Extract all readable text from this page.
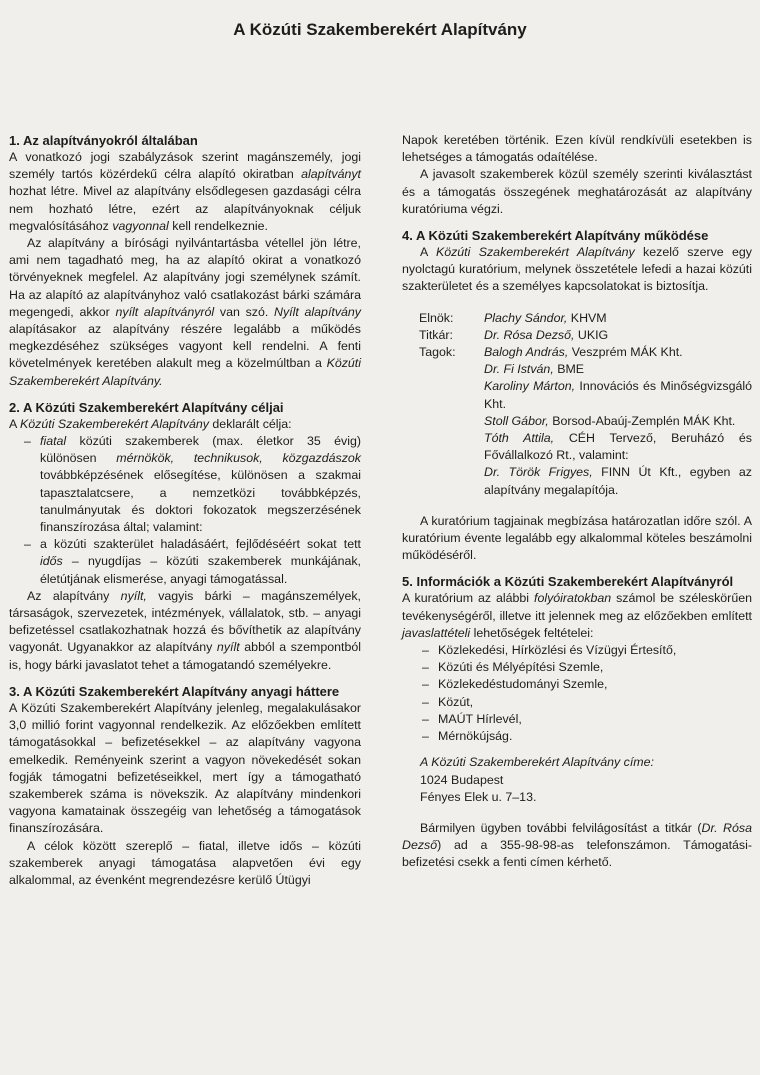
A Közúti Szakemberekért Alapítvány
1. Az alapítványokról általában

A vonatkozó jogi szabályzások szerint magánszemély, jogi személy tartós közérdekű célra alapító okiratban alapítványt hozhat létre. Mivel az alapítvány elsődlegesen gazdasági célra nem hozható létre, ezért az alapítványoknak céljuk megvalósításához vagyonnal kell rendelkeznie.

Az alapítvány a bírósági nyilvántartásba vétellel jön létre, ami nem tagadható meg, ha az alapító okirat a vonatkozó törvényeknek megfelel. Az alapítvány jogi személynek számít. Ha az alapító az alapítványhoz való csatlakozást bárki számára megengedi, akkor nyílt alapítványról van szó. Nyílt alapítvány alapításakor az alapítvány részére legalább a működés megkezdéséhez szükséges vagyont kell rendelni. A fenti követelmények keretében alakult meg a közelmúltban a Közúti Szakemberekért Alapítvány.

2. A Közúti Szakemberekért Alapítvány céljai

A Közúti Szakemberekért Alapítvány deklarált célja:

– fiatal közúti szakemberek (max. életkor 35 évig) különösen mérnökök, technikusok, közgazdászok továbbképzésének elősegítése, különösen a szakmai tapasztalatcsere, a nemzetközi továbbképzés, tanulmányutak és doktori fokozatok megszerzésének finanszírozása által; valamint:
– a közúti szakterület haladásáért, fejlődéséért sokat tett idős – nyugdíjas – közúti szakemberek munkájának, életútjának elismerése, anyagi támogatással.

Az alapítvány nyílt, vagyis bárki – magánszemélyek, társaságok, szervezetek, intézmények, vállalatok, stb. – anyagi befizetéssel csatlakozhatnak hozzá és bővíthetik az alapítvány vagyonát. Ugyanakkor az alapítvány nyílt abból a szempontból is, hogy bárki javaslatot tehet a támogatandó személyekre.

3. A Közúti Szakemberekért Alapítvány anyagi háttere

A Közúti Szakemberekért Alapítvány jelenleg, megalakulásakor 3,0 millió forint vagyonnal rendelkezik. Az előzőekben említett támogatásokkal – befizetésekkel – az alapítvány vagyona emelkedik. Reményeink szerint a vagyon növekedését sokan fogják támogatni befizetéseikkel, mert így a támogatható szakemberek száma is növekszik. Az alapítvány mindenkori vagyona kamatainak összegéig van lehetőség a támogatások finanszírozására.

A célok között szereplő – fiatal, illetve idős – közúti szakemberek anyagi támogatása alapvetően évi egy alkalommal, az évenként megrendezésre kerülő Útügyi

Napok keretében történik. Ezen kívül rendkívüli esetekben is lehetséges a támogatás odaítélése.

A javasolt szakemberek közül személy szerinti kiválasztást és a támogatás összegének meghatározását az alapítvány kuratóriuma végzi.

4. A Közúti Szakemberekért Alapítvány működése

A Közúti Szakemberekért Alapítvány kezelő szerve egy nyolctagú kuratórium, melynek összetétele lefedi a hazai közúti szakterületet és a személyes kapcsolatokat is biztosítja.

Elnök:	Plachy Sándor, KHVM
Titkár:	Dr. Rósa Dezső, UKIG
Tagok:	Balogh András, Veszprém MÁK Kht.
	Dr. Fi István, BME
	Karoliny Márton, Innovációs és Minőségvizsgáló Kht.
	Stoll Gábor, Borsod-Abaúj-Zemplén MÁK Kht.
	Tóth Attila, CÉH Tervező, Beruházó és Fővállalkozó Rt., valamint:
	Dr. Török Frigyes, FINN Út Kft., egyben az alapítvány megalapítója.

A kuratórium tagjainak megbízása határozatlan időre szól. A kuratórium évente legalább egy alkalommal köteles beszámolni működéséről.

5. Információk a Közúti Szakemberekért Alapítványról

A kuratórium az alábbi folyóiratokban számol be széleskörűen tevékenységéről, illetve itt jelennek meg az előzőekben említett javaslattételi lehetőségek feltételei:

– Közlekedési, Hírközlési és Vízügyi Értesítő,
– Közúti és Mélyépítési Szemle,
– Közlekedéstudományi Szemle,
– Közút,
– MAÚT Hírlevél,
– Mérnökújság.

A Közúti Szakemberekért Alapítvány címe:

1024 Budapest

Fényes Elek u. 7–13.

Bármilyen ügyben további felvilágosítást a titkár (Dr. Rósa Dezső) ad a 355-98-98-as telefonszámon. Támogatási-befizetési csekk a fenti címen kérhető.
